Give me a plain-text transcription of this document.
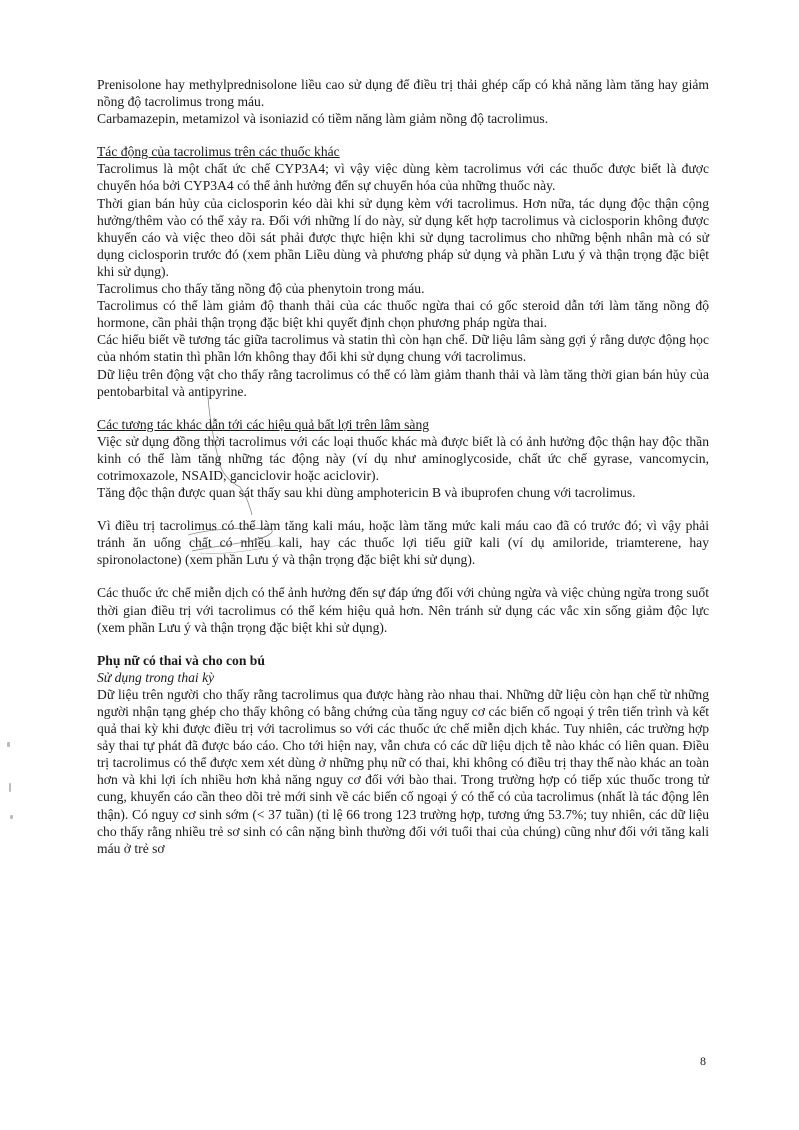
Prenisolone hay methylprednisolone liều cao sử dụng để điều trị thải ghép cấp có khả năng làm tăng hay giảm nồng độ tacrolimus trong máu.

Carbamazepin, metamizol và isoniazid có tiềm năng làm giảm nồng độ tacrolimus.

Tác động của tacrolimus trên các thuốc khác

Tacrolimus là một chất ức chế CYP3A4; vì vậy việc dùng kèm tacrolimus với các thuốc được biết là được chuyển hóa bởi CYP3A4 có thể ảnh hưởng đến sự chuyển hóa của những thuốc này.

Thời gian bán hủy của ciclosporin kéo dài khi sử dụng kèm với tacrolimus. Hơn nữa, tác dụng độc thận cộng hưởng/thêm vào có thể xảy ra. Đối với những lí do này, sử dụng kết hợp tacrolimus và ciclosporin không được khuyến cáo và việc theo dõi sát phải được thực hiện khi sử dụng tacrolimus cho những bệnh nhân mà có sử dụng ciclosporin trước đó (xem phần Liều dùng và phương pháp sử dụng và phần Lưu ý và thận trọng đặc biệt khi sử dụng).

Tacrolimus cho thấy tăng nồng độ của phenytoin trong máu.

Tacrolimus có thể làm giảm độ thanh thải của các thuốc ngừa thai có gốc steroid dẫn tới làm tăng nồng độ hormone, cần phải thận trọng đặc biệt khi quyết định chọn phương pháp ngừa thai.

Các hiểu biết về tương tác giữa tacrolimus và statin thì còn hạn chế. Dữ liệu lâm sàng gợi ý rằng dược động học của nhóm statin thì phần lớn không thay đổi khi sử dụng chung với tacrolimus.

Dữ liệu trên động vật cho thấy rằng tacrolimus có thể có làm giảm thanh thải và làm tăng thời gian bán hủy của pentobarbital và antipyrine.

Các tương tác khác dẫn tới các hiệu quả bất lợi trên lâm sàng

Việc sử dụng đồng thời tacrolimus với các loại thuốc khác mà được biết là có ảnh hưởng độc thận hay độc thần kinh có thể làm tăng những tác động này (ví dụ như aminoglycoside, chất ức chế gyrase, vancomycin, cotrimoxazole, NSAID, ganciclovir hoặc aciclovir).

Tăng độc thận được quan sát thấy sau khi dùng amphotericin B và ibuprofen chung với tacrolimus.

Vì điều trị tacrolimus có thể làm tăng kali máu, hoặc làm tăng mức kali máu cao đã có trước đó; vì vậy phải tránh ăn uống chất có nhiều kali, hay các thuốc lợi tiểu giữ kali (ví dụ amiloride, triamterene, hay spironolactone) (xem phần Lưu ý và thận trọng đặc biệt khi sử dụng).

Các thuốc ức chế miễn dịch có thể ảnh hưởng đến sự đáp ứng đối với chủng ngừa và việc chủng ngừa trong suốt thời gian điều trị với tacrolimus có thể kém hiệu quả hơn. Nên tránh sử dụng các vắc xin sống giảm độc lực (xem phần Lưu ý và thận trọng đặc biệt khi sử dụng).

Phụ nữ có thai và cho con bú

Sử dụng trong thai kỳ

Dữ liệu trên người cho thấy rằng tacrolimus qua được hàng rào nhau thai. Những dữ liệu còn hạn chế từ những người nhận tạng ghép cho thấy không có bằng chứng của tăng nguy cơ các biến cố ngoại ý trên tiến trình và kết quả thai kỳ khi được điều trị với tacrolimus so với các thuốc ức chế miễn dịch khác. Tuy nhiên, các trường hợp sảy thai tự phát đã được báo cáo. Cho tới hiện nay, vẫn chưa có các dữ liệu dịch tễ nào khác có liên quan. Điều trị tacrolimus có thể được xem xét dùng ở những phụ nữ có thai, khi không có điều trị thay thế nào khác an toàn hơn và khi lợi ích nhiều hơn khả năng nguy cơ đối với bào thai. Trong trường hợp có tiếp xúc thuốc trong tử cung, khuyến cáo cần theo dõi trẻ mới sinh về các biến cố ngoại ý có thể có của tacrolimus (nhất là tác động lên thận). Có nguy cơ sinh sớm (< 37 tuần) (tỉ lệ 66 trong 123 trường hợp, tương ứng 53.7%; tuy nhiên, các dữ liệu cho thấy rằng nhiều trẻ sơ sinh có cân nặng bình thường đối với tuổi thai của chúng) cũng như đối với tăng kali máu ở trẻ sơ

8
